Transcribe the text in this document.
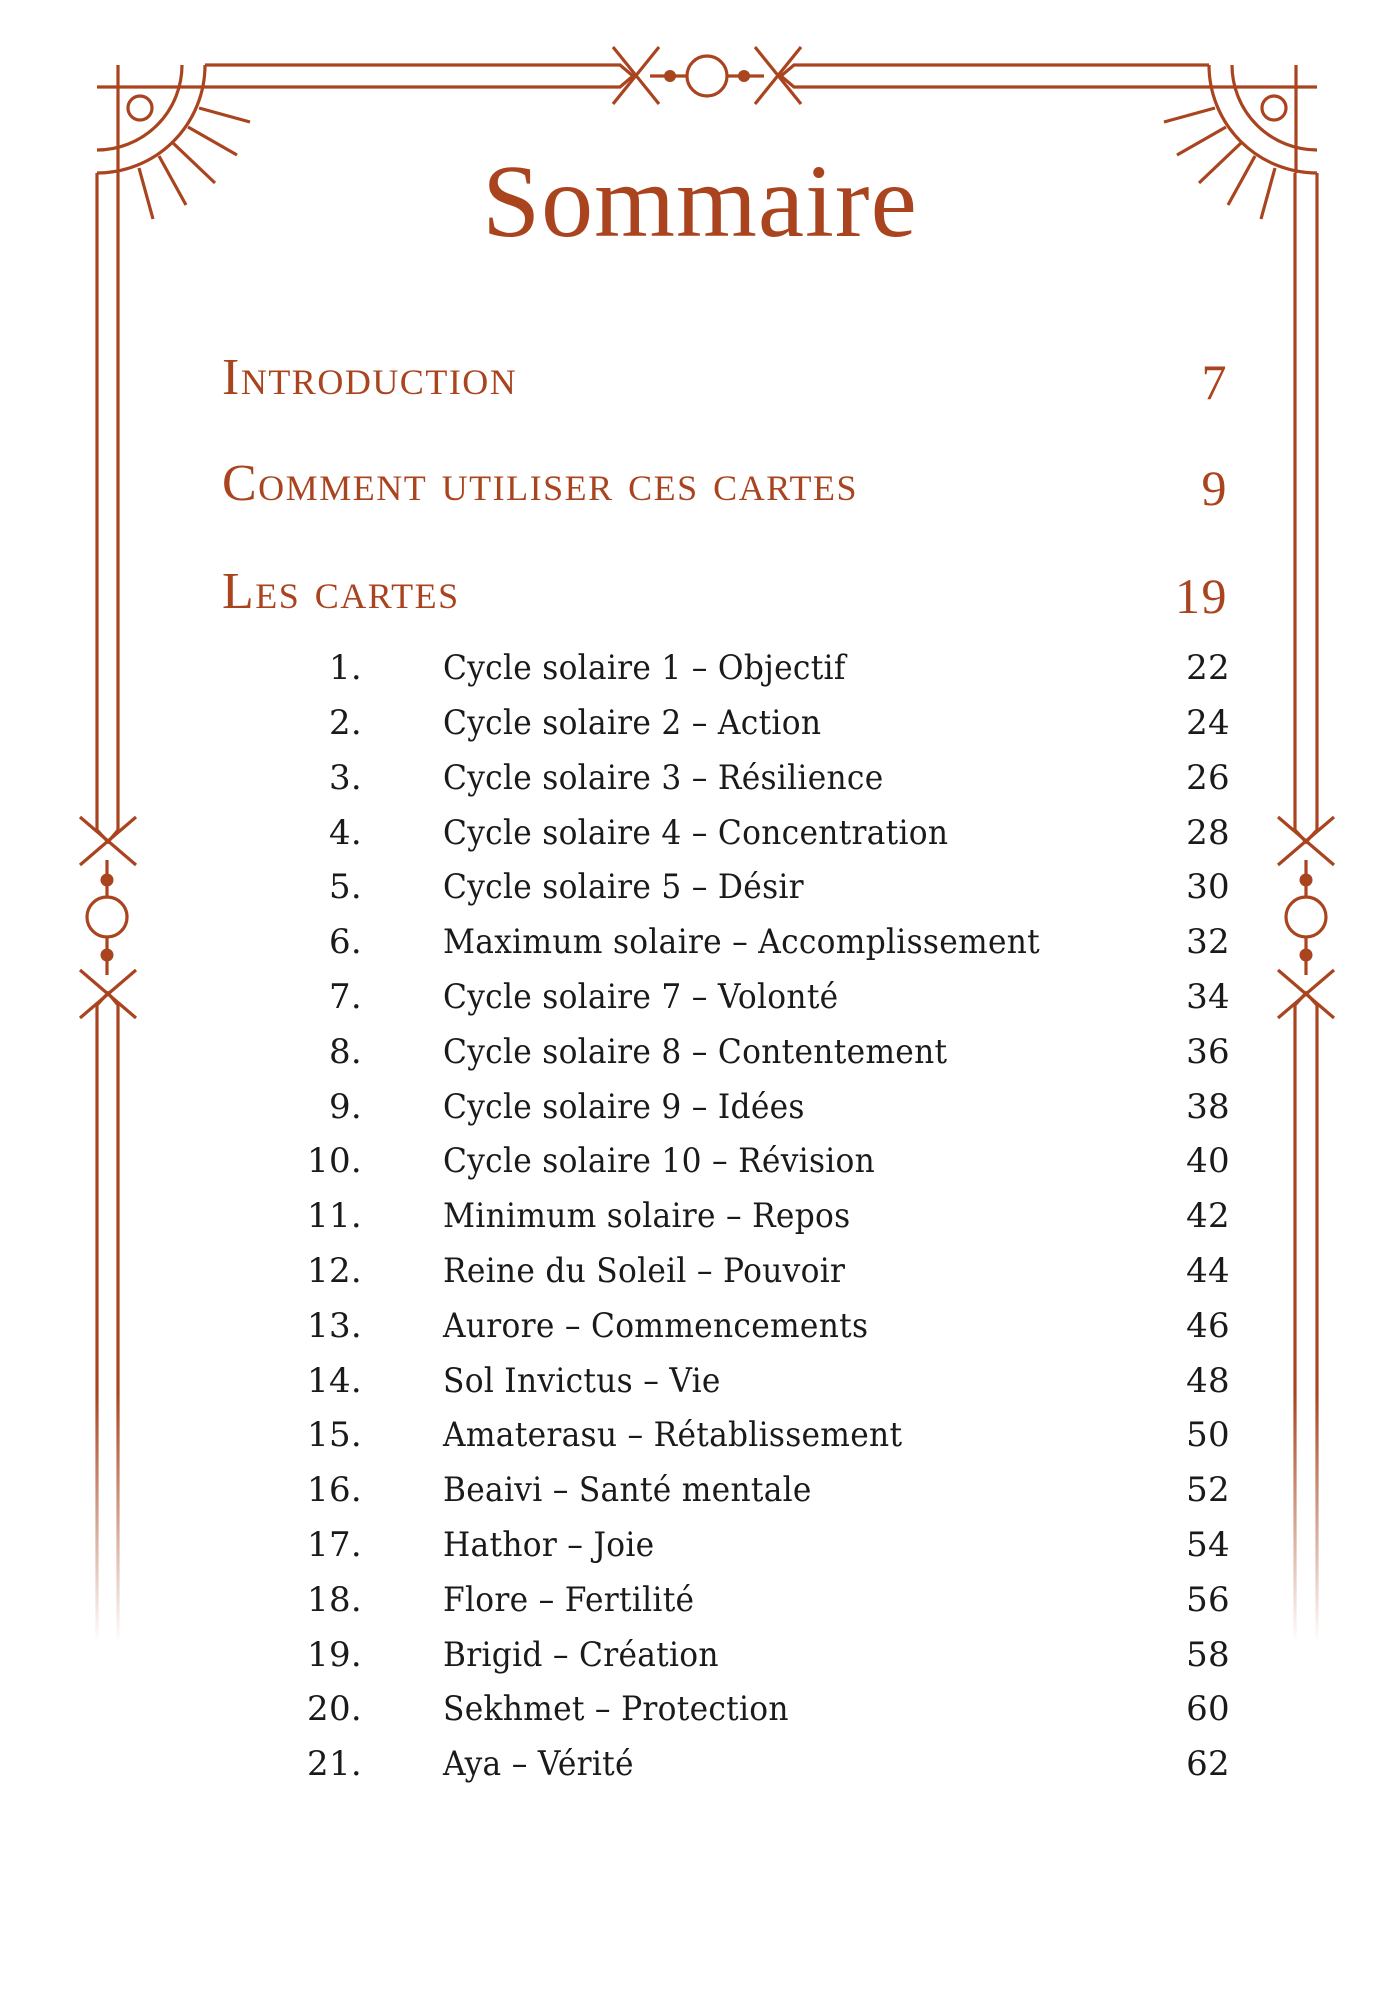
Sommaire
Introduction	7
Comment utiliser ces cartes	9
Les cartes	19
1. Cycle solaire 1 – Objectif	22
2. Cycle solaire 2 – Action	24
3. Cycle solaire 3 – Résilience	26
4. Cycle solaire 4 – Concentration	28
5. Cycle solaire 5 – Désir	30
6. Maximum solaire – Accomplissement	32
7. Cycle solaire 7 – Volonté	34
8. Cycle solaire 8 – Contentement	36
9. Cycle solaire 9 – Idées	38
10. Cycle solaire 10 – Révision	40
11. Minimum solaire – Repos	42
12. Reine du Soleil – Pouvoir	44
13. Aurore – Commencements	46
14. Sol Invictus – Vie	48
15. Amaterasu – Rétablissement	50
16. Beaivi – Santé mentale	52
17. Hathor – Joie	54
18. Flore – Fertilité	56
19. Brigid – Création	58
20. Sekhmet – Protection	60
21. Aya – Vérité	62
